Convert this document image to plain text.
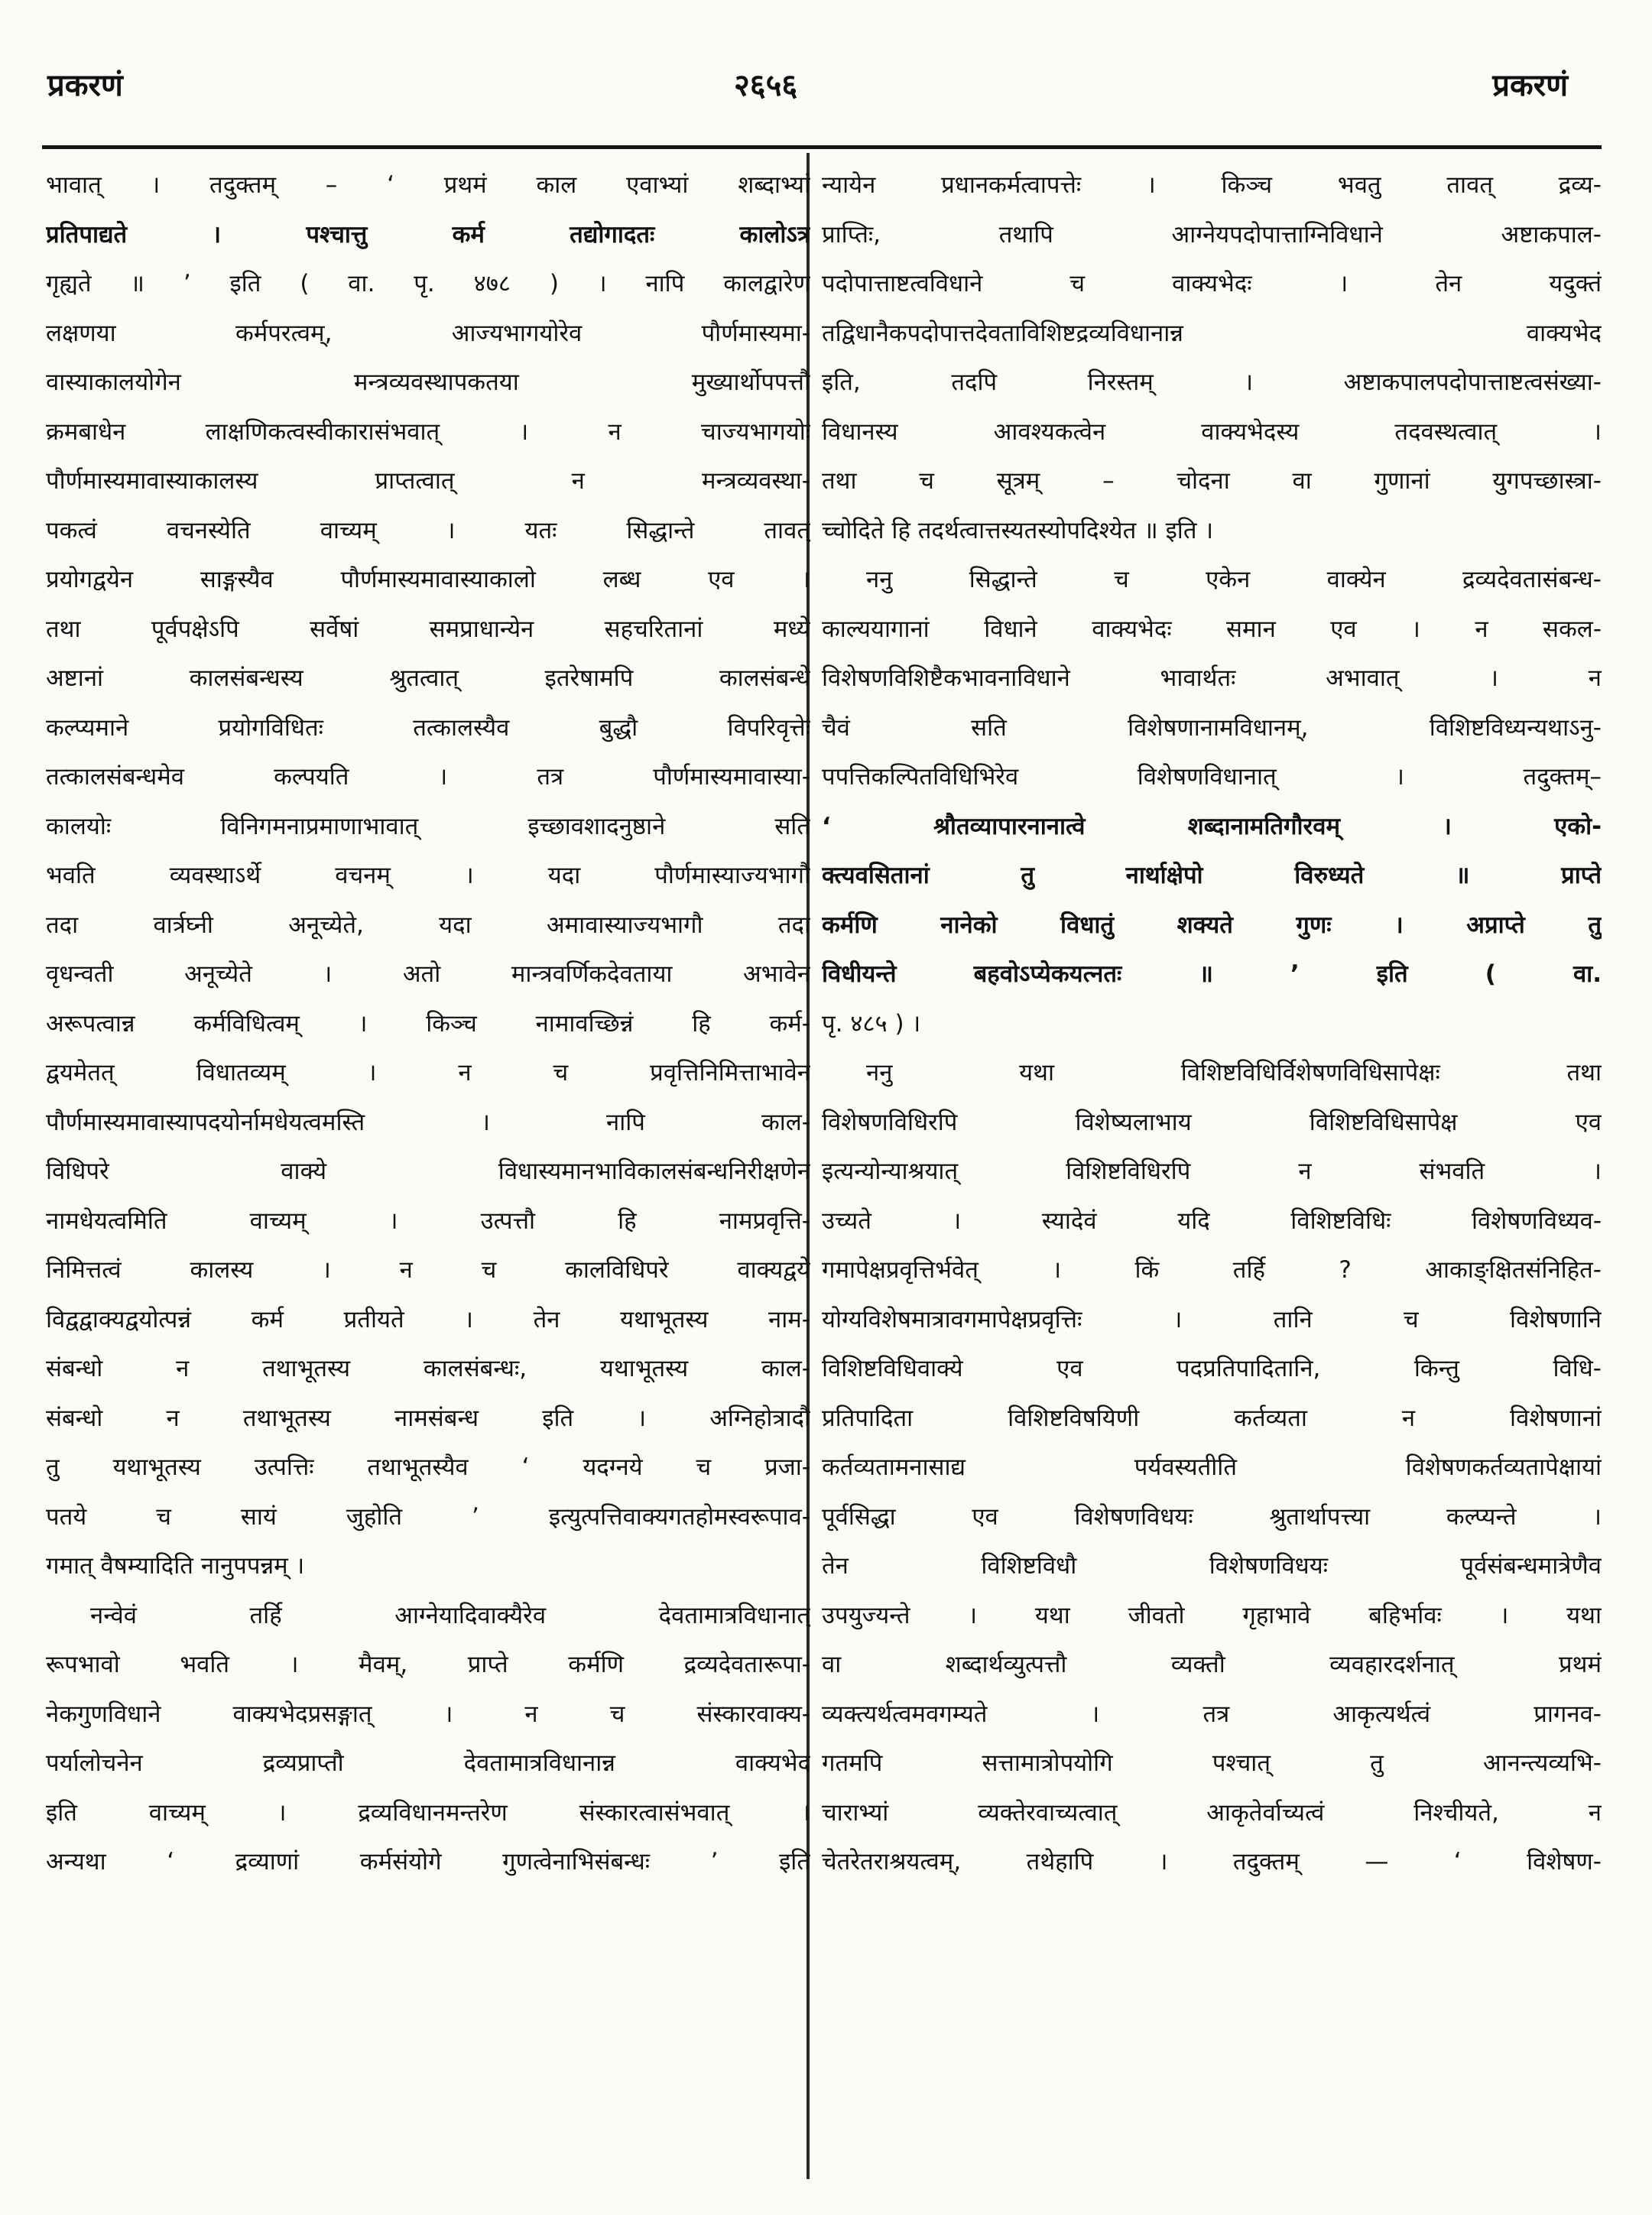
प्रकरणं	२६५६	प्रकरणं
भावात् । तदुक्तम् – ‘ प्रथमं काल एवाभ्यां शब्दाभ्यां
प्रतिपाद्यते । पश्चात्तु कर्म तद्योगादतः कालोऽत्र
गृह्यते ॥ ’ इति ( वा. पृ. ४७८ ) । नापि कालद्वारेण
लक्षणया कर्मपरत्वम्, आज्यभागयोरेव पौर्णमास्यमा-
वास्याकालयोगेन मन्त्रव्यवस्थापकतया मुख्यार्थोपपत्तौ
क्रमबाधेन लाक्षणिकत्वस्वीकारासंभवात् । न चाज्यभागयोः
पौर्णमास्यमावास्याकालस्य प्राप्तत्वात् न मन्त्रव्यवस्था-
पकत्वं वचनस्येति वाच्यम् । यतः सिद्धान्ते तावत्
प्रयोगद्वयेन साङ्गस्यैव पौर्णमास्यमावास्याकालो लब्ध एव ।
तथा पूर्वपक्षेऽपि सर्वेषां समप्राधान्येन सहचरितानां मध्ये
अष्टानां कालसंबन्धस्य श्रुतत्वात् इतरेषामपि कालसंबन्धे
कल्प्यमाने प्रयोगविधितः तत्कालस्यैव बुद्धौ विपरिवृत्तेः
तत्कालसंबन्धमेव कल्पयति । तत्र पौर्णमास्यमावास्या-
कालयोः विनिगमनाप्रमाणाभावात् इच्छावशादनुष्ठाने सति
भवति व्यवस्थाऽर्थे वचनम् । यदा पौर्णमास्याज्यभागौ
तदा वार्त्रघ्नी अनूच्येते, यदा अमावास्याज्यभागौ तदा
वृधन्वती अनूच्येते । अतो मान्त्रवर्णिकदेवताया अभावेन
अरूपत्वान्न कर्मविधित्वम् । किञ्च नामावच्छिन्नं हि कर्म-
द्वयमेतत् विधातव्यम् । न च प्रवृत्तिनिमित्ताभावेन
पौर्णमास्यमावास्यापदयोर्नामधेयत्वमस्ति । नापि काल-
विधिपरे वाक्ये विधास्यमानभाविकालसंबन्धनिरीक्षणेन
नामधेयत्वमिति वाच्यम् । उत्पत्तौ हि नामप्रवृत्ति-
निमित्तत्वं कालस्य । न च कालविधिपरे वाक्यद्वये
विद्वद्वाक्यद्वयोत्पन्नं कर्म प्रतीयते । तेन यथाभूतस्य नाम-
संबन्धो न तथाभूतस्य कालसंबन्धः, यथाभूतस्य काल-
संबन्धो न तथाभूतस्य नामसंबन्ध इति । अग्निहोत्रादौ
तु यथाभूतस्य उत्पत्तिः तथाभूतस्यैव ‘ यदग्नये च प्रजा-
पतये च सायं जुहोति ’ इत्युत्पत्तिवाक्यगतहोमस्वरूपाव-
गमात् वैषम्यादिति नानुपपन्नम् ।
नन्वेवं तर्हि आग्नेयादिवाक्यैरेव देवतामात्रविधानात्
रूपभावो भवति । मैवम्, प्राप्ते कर्मणि द्रव्यदेवतारूपा-
नेकगुणविधाने वाक्यभेदप्रसङ्गात् । न च संस्कारवाक्य-
पर्यालोचनेन द्रव्यप्राप्तौ देवतामात्रविधानान्न वाक्यभेद
इति वाच्यम् । द्रव्यविधानमन्तरेण संस्कारत्वासंभवात् ।
अन्यथा ‘ द्रव्याणां कर्मसंयोगे गुणत्वेनाभिसंबन्धः ’ इति
न्यायेन प्रधानकर्मत्वापत्तेः । किञ्च भवतु तावत् द्रव्य-
प्राप्तिः, तथापि आग्नेयपदोपात्ताग्निविधाने अष्टाकपाल-
पदोपात्ताष्टत्वविधाने च वाक्यभेदः । तेन यदुक्तं
तद्विधानैकपदोपात्तदेवताविशिष्टद्रव्यविधानान्न वाक्यभेद
इति, तदपि निरस्तम् । अष्टाकपालपदोपात्ताष्टत्वसंख्या-
विधानस्य आवश्यकत्वेन वाक्यभेदस्य तदवस्थत्वात् ।
तथा च सूत्रम् – चोदना वा गुणानां युगपच्छास्त्रा-
च्चोदिते हि तदर्थत्वात्तस्यतस्योपदिश्येत ॥ इति ।
ननु सिद्धान्ते च एकेन वाक्येन द्रव्यदेवतासंबन्ध-
काल्ययागानां विधाने वाक्यभेदः समान एव । न सकल-
विशेषणविशिष्टैकभावनाविधाने भावार्थतः अभावात् । न
चैवं सति विशेषणानामविधानम्, विशिष्टविध्यन्यथाऽनु-
पपत्तिकल्पितविधिभिरेव विशेषणविधानात् । तदुक्तम्–
‘ श्रौतव्यापारनानात्वे शब्दानामतिगौरवम् । एको-
क्त्यवसितानां तु नार्थाक्षेपो विरुध्यते ॥ प्राप्ते
कर्मणि नानेको विधातुं शक्यते गुणः । अप्राप्ते तु
विधीयन्ते बहवोऽप्येकयत्नतः ॥ ’ इति ( वा.
पृ. ४८५ ) ।
ननु यथा विशिष्टविधिर्विशेषणविधिसापेक्षः तथा
विशेषणविधिरपि विशेष्यलाभाय विशिष्टविधिसापेक्ष एव
इत्यन्योन्याश्रयात् विशिष्टविधिरपि न संभवति ।
उच्यते । स्यादेवं यदि विशिष्टविधिः विशेषणविध्यव-
गमापेक्षप्रवृत्तिर्भवेत् । किं तर्हि ? आकाङ्क्षितसंनिहित-
योग्यविशेषमात्रावगमापेक्षप्रवृत्तिः । तानि च विशेषणानि
विशिष्टविधिवाक्ये एव पदप्रतिपादितानि, किन्तु विधि-
प्रतिपादिता विशिष्टविषयिणी कर्तव्यता न विशेषणानां
कर्तव्यतामनासाद्य पर्यवस्यतीति विशेषणकर्तव्यतापेक्षायां
पूर्वसिद्धा एव विशेषणविधयः श्रुतार्थापत्त्या कल्प्यन्ते ।
तेन विशिष्टविधौ विशेषणविधयः पूर्वसंबन्धमात्रेणैव
उपयुज्यन्ते । यथा जीवतो गृहाभावे बहिर्भावः । यथा
वा शब्दार्थव्युत्पत्तौ व्यक्तौ व्यवहारदर्शनात् प्रथमं
व्यक्त्यर्थत्वमवगम्यते । तत्र आकृत्यर्थत्वं प्रागनव-
गतमपि सत्तामात्रोपयोगि पश्चात् तु आनन्त्यव्यभि-
चाराभ्यां व्यक्तेरवाच्यत्वात् आकृतेर्वाच्यत्वं निश्चीयते, न
चेतरेतराश्रयत्वम्, तथेहापि । तदुक्तम् — ‘ विशेषण-
